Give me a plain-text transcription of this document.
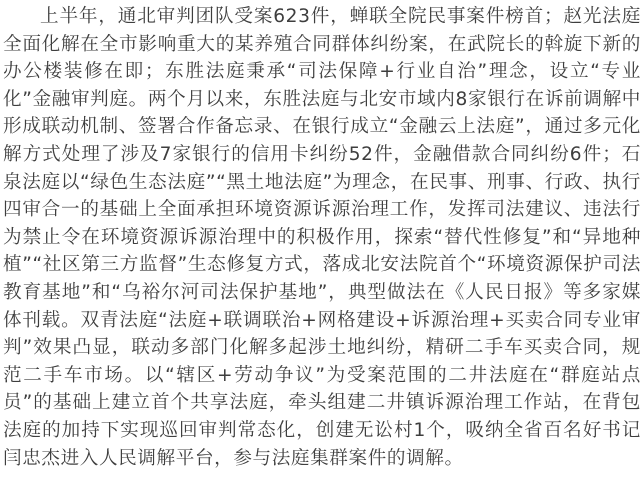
上半年，通北审判团队受案623件，蝉联全院民事案件榜首；赵光法庭全面化解在全市影响重大的某养殖合同群体纠纷案，在武院长的斡旋下新的办公楼装修在即；东胜法庭秉承“司法保障+行业自治”理念，设立“专业化”金融审判庭。两个月以来，东胜法庭与北安市域内8家银行在诉前调解中形成联动机制、签署合作备忘录、在银行成立“金融云上法庭”，通过多元化解方式处理了涉及7家银行的信用卡纠纷52件，金融借款合同纠纷6件；石泉法庭以“绿色生态法庭”“黑土地法庭”为理念，在民事、刑事、行政、执行四审合一的基础上全面承担环境资源诉源治理工作，发挥司法建议、违法行为禁止令在环境资源诉源治理中的积极作用，探索“替代性修复”和“异地种植”“社区第三方监督”生态修复方式，落成北安法院首个“环境资源保护司法教育基地”和“乌裕尔河司法保护基地”，典型做法在《人民日报》等多家媒体刊载。双青法庭“法庭+联调联治+网格建设+诉源治理+买卖合同专业审判”效果凸显，联动多部门化解多起涉土地纠纷，精研二手车买卖合同，规范二手车市场。以“辖区+劳动争议”为受案范围的二井法庭在“群庭站点员”的基础上建立首个共享法庭，牵头组建二井镇诉源治理工作站，在背包法庭的加持下实现巡回审判常态化，创建无讼村1个，吸纳全省百名好书记闫忠杰进入人民调解平台，参与法庭集群案件的调解。
